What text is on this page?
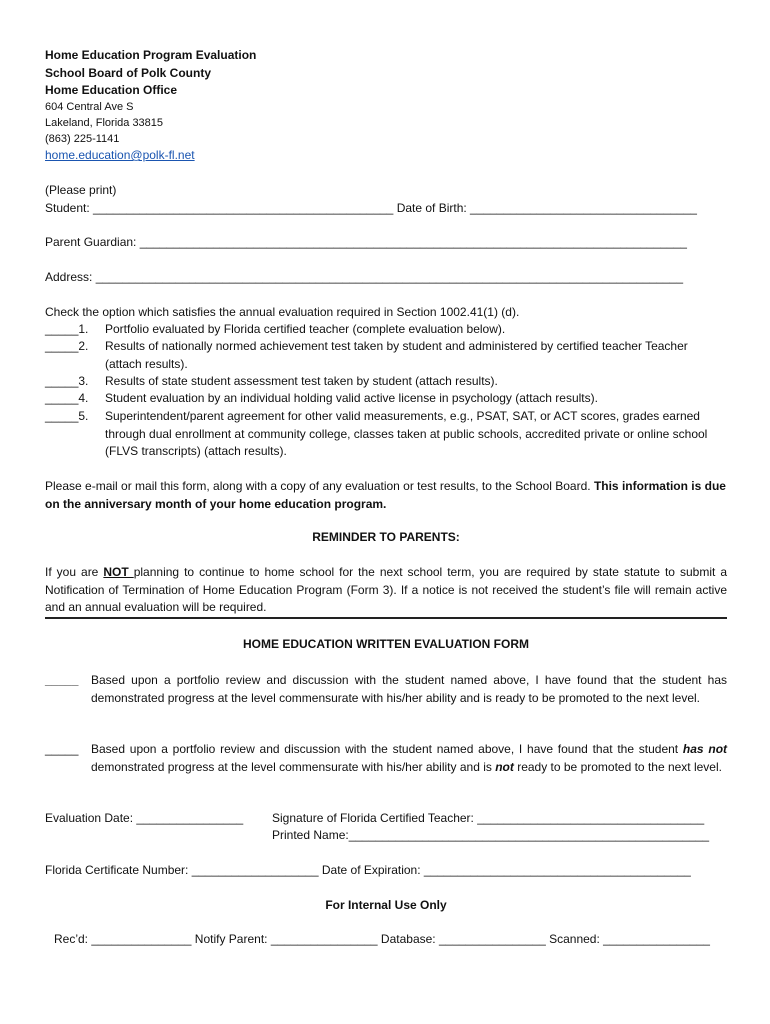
Home Education Program Evaluation
School Board of Polk County
Home Education Office
604 Central Ave S
Lakeland, Florida 33815
(863) 225-1141
home.education@polk-fl.net
(Please print)
Student: _____________________________________________ Date of Birth: __________________________________
Parent Guardian: __________________________________________________________________________________
Address: ________________________________________________________________________________________
Check the option which satisfies the annual evaluation required in Section 1002.41(1) (d).
_____1. Portfolio evaluated by Florida certified teacher (complete evaluation below).
_____2. Results of nationally normed achievement test taken by student and administered by certified teacher Teacher (attach results).
_____3. Results of state student assessment test taken by student (attach results).
_____4. Student evaluation by an individual holding valid active license in psychology (attach results).
_____5. Superintendent/parent agreement for other valid measurements, e.g., PSAT, SAT, or ACT scores, grades earned through dual enrollment at community college, classes taken at public schools, accredited private or online school (FLVS transcripts) (attach results).
Please e-mail or mail this form, along with a copy of any evaluation or test results, to the School Board. This information is due on the anniversary month of your home education program.
REMINDER TO PARENTS:
If you are NOT planning to continue to home school for the next school term, you are required by state statute to submit a Notification of Termination of Home Education Program (Form 3). If a notice is not received the student’s file will remain active and an annual evaluation will be required.
HOME EDUCATION WRITTEN EVALUATION FORM
_____ Based upon a portfolio review and discussion with the student named above, I have found that the student has demonstrated progress at the level commensurate with his/her ability and is ready to be promoted to the next level.
_____ Based upon a portfolio review and discussion with the student named above, I have found that the student has not demonstrated progress at the level commensurate with his/her ability and is not ready to be promoted to the next level.
Evaluation Date: ________________ Signature of Florida Certified Teacher: __________________________________
Printed Name:______________________________________________________
Florida Certificate Number: ___________________ Date of Expiration: ________________________________________
For Internal Use Only
Rec’d: _______________ Notify Parent: ________________ Database: ________________ Scanned: ________________
